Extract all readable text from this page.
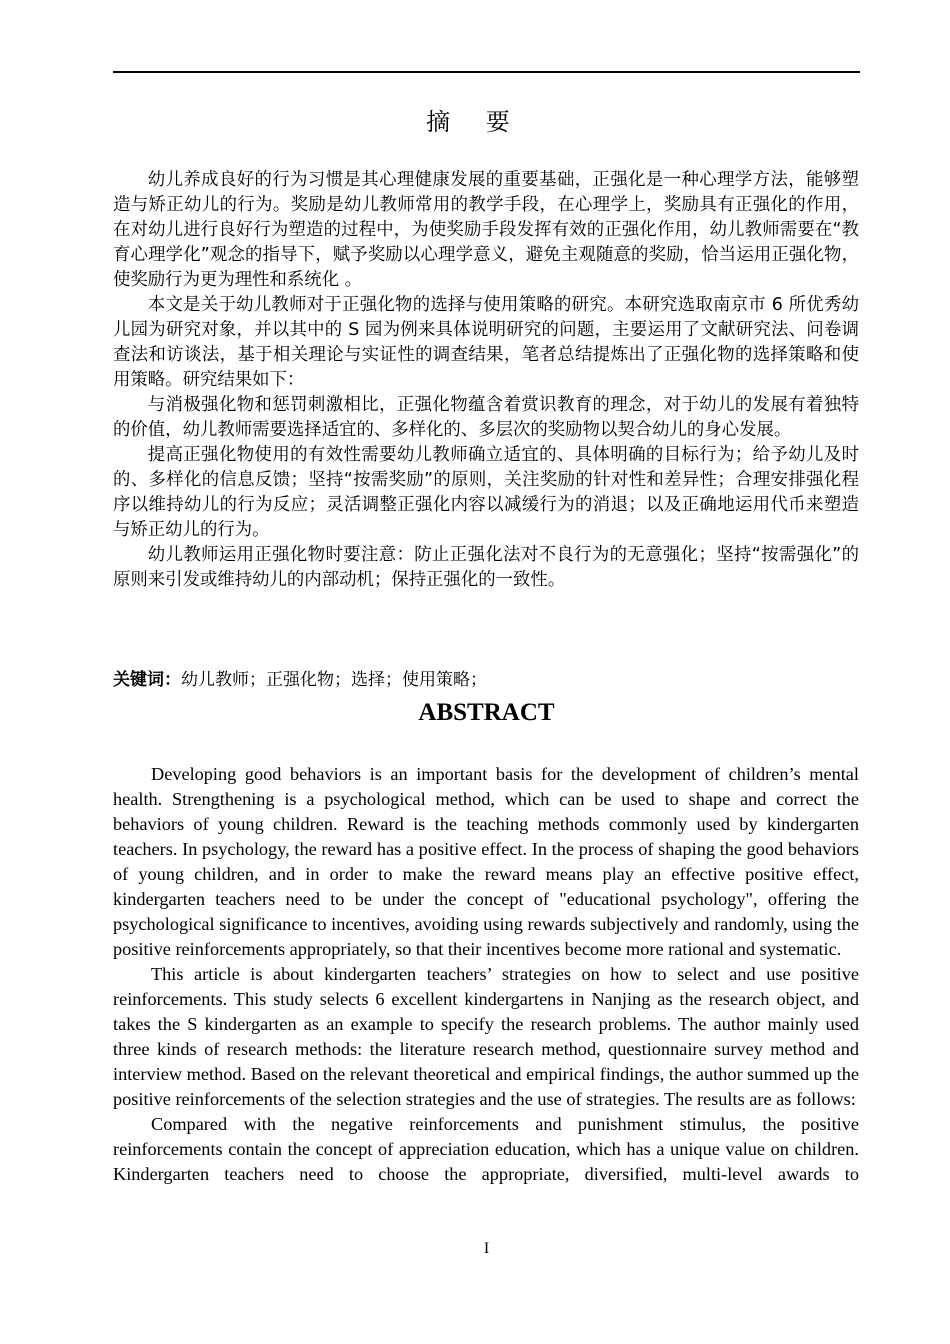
摘 要

幼儿养成良好的行为习惯是其心理健康发展的重要基础，正强化是一种心理学方法，能够塑造与矫正幼儿的行为。奖励是幼儿教师常用的教学手段，在心理学上，奖励具有正强化的作用，在对幼儿进行良好行为塑造的过程中，为使奖励手段发挥有效的正强化作用，幼儿教师需要在“教育心理学化”观念的指导下，赋予奖励以心理学意义，避免主观随意的奖励，恰当运用正强化物，使奖励行为更为理性和系统化 。

本文是关于幼儿教师对于正强化物的选择与使用策略的研究。本研究选取南京市 6 所优秀幼儿园为研究对象，并以其中的 S 园为例来具体说明研究的问题，主要运用了文献研究法、问卷调查法和访谈法，基于相关理论与实证性的调查结果，笔者总结提炼出了正强化物的选择策略和使用策略。研究结果如下：

与消极强化物和惩罚刺激相比，正强化物蕴含着赏识教育的理念，对于幼儿的发展有着独特的价值，幼儿教师需要选择适宜的、多样化的、多层次的奖励物以契合幼儿的身心发展。

提高正强化物使用的有效性需要幼儿教师确立适宜的、具体明确的目标行为；给予幼儿及时的、多样化的信息反馈；坚持“按需奖励”的原则，关注奖励的针对性和差异性；合理安排强化程序以维持幼儿的行为反应；灵活调整正强化内容以减缓行为的消退；以及正确地运用代币来塑造与矫正幼儿的行为。

幼儿教师运用正强化物时要注意：防止正强化法对不良行为的无意强化；坚持“按需强化”的原则来引发或维持幼儿的内部动机；保持正强化的一致性。

关键词：幼儿教师；正强化物；选择；使用策略；
ABSTRACT

Developing good behaviors is an important basis for the development of children’s mental health. Strengthening is a psychological method, which can be used to shape and correct the behaviors of young children. Reward is the teaching methods commonly used by kindergarten teachers. In psychology, the reward has a positive effect. In the process of shaping the good behaviors of young children, and in order to make the reward means play an effective positive effect, kindergarten teachers need to be under the concept of "educational psychology", offering the psychological significance to incentives, avoiding using rewards subjectively and randomly, using the positive reinforcements appropriately, so that their incentives become more rational and systematic.

This article is about kindergarten teachers’ strategies on how to select and use positive reinforcements. This study selects 6 excellent kindergartens in Nanjing as the research object, and takes the S kindergarten as an example to specify the research problems. The author mainly used three kinds of research methods: the literature research method, questionnaire survey method and interview method. Based on the relevant theoretical and empirical findings, the author summed up the positive reinforcements of the selection strategies and the use of strategies. The results are as follows:

Compared with the negative reinforcements and punishment stimulus, the positive reinforcements contain the concept of appreciation education, which has a unique value on children. Kindergarten teachers need to choose the appropriate, diversified, multi-level awards to

I
